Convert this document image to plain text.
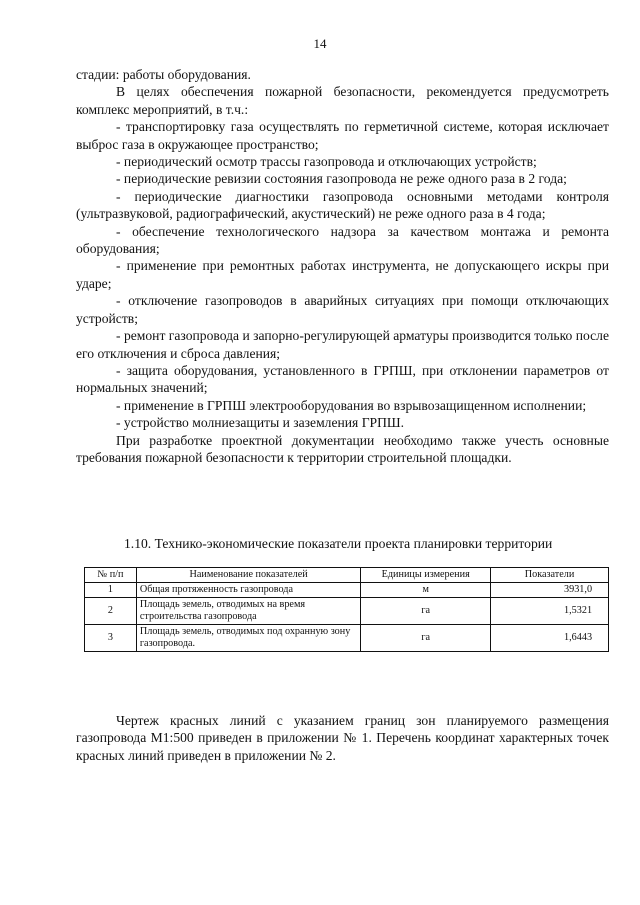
14

стадии: работы оборудования.

В целях обеспечения пожарной безопасности, рекомендуется предусмотреть комплекс мероприятий, в т.ч.:

- транспортировку газа осуществлять по герметичной системе, которая исключает выброс газа в окружающее пространство;

- периодический осмотр трассы газопровода и отключающих устройств;

- периодические ревизии состояния газопровода не реже одного раза в 2 года;

- периодические диагностики газопровода основными методами контроля (ультразвуковой, радиографический, акустический) не реже одного раза в 4 года;

- обеспечение технологического надзора за качеством монтажа и ремонта оборудования;

- применение при ремонтных работах инструмента, не допускающего искры при ударе;

- отключение газопроводов в аварийных ситуациях при помощи отключающих устройств;

- ремонт газопровода и запорно-регулирующей арматуры производится только после его отключения и сброса давления;

- защита оборудования, установленного в ГРПШ, при отклонении параметров от нормальных значений;

- применение в ГРПШ электрооборудования во взрывозащищенном исполнении;

- устройство молниезащиты и заземления ГРПШ.

При разработке проектной документации необходимо также учесть основные требования пожарной безопасности к территории строительной площадки.

1.10. Технико-экономические показатели проекта планировки территории
№ п/п	Наименование показателей	Единицы измерения	Показатели
1	Общая протяженность газопровода	м	3931,0
2	Площадь земель, отводимых на время строительства газопровода	га	1,5321
3	Площадь земель, отводимых под охранную зону газопровода.	га	1,6443

Чертеж красных линий с указанием границ зон планируемого размещения газопровода М1:500 приведен в приложении № 1. Перечень координат характерных точек красных линий приведен в приложении № 2.
